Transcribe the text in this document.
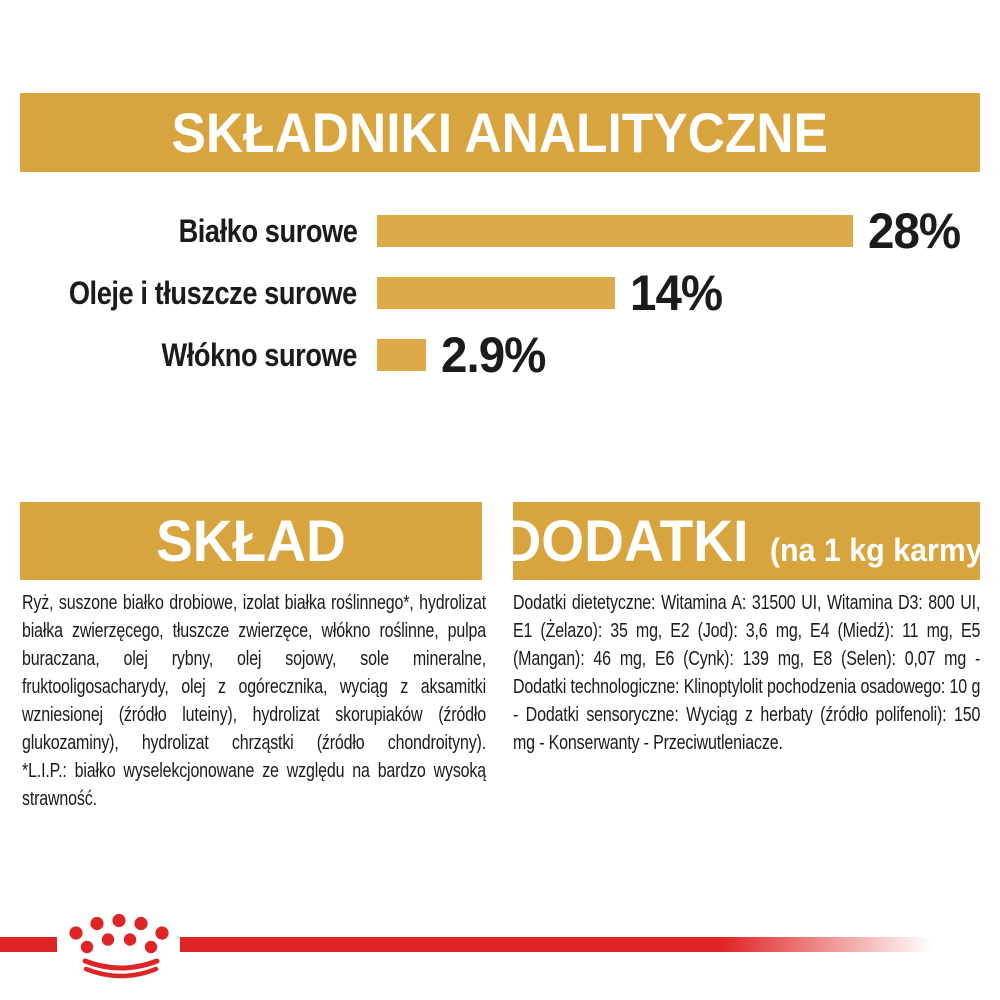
SKŁADNIKI ANALITYCZNE
Białko surowe	28%
Oleje i tłuszcze surowe	14%
Włókno surowe 2.9%
SKŁAD

Ryż, suszone białko drobiowe, izolat białka roślinnego*, hydrolizat białka zwierzęcego, tłuszcze zwierzęce, włókno roślinne, pulpa buraczana, olej rybny, olej sojowy, sole mineralne, fruktooligosacharydy, olej z ogórecznika, wyciąg z aksamitki wzniesionej (źródło luteiny), hydrolizat skorupiaków (źródło glukozaminy), hydrolizat chrząstki (źródło chondroityny).

*L.I.P.: białko wyselekcjonowane ze względu na bardzo wysoką strawność.

DODATKI (na 1 kg karmy)

Dodatki dietetyczne: Witamina A: 31500 UI, Witamina D3: 800 UI, E1 (Żelazo): 35 mg, E2 (Jod): 3,6 mg, E4 (Miedź): 11 mg, E5 (Mangan): 46 mg, E6 (Cynk): 139 mg, E8 (Selen): 0,07 mg - Dodatki technologiczne: Klinoptylolit pochodzenia osadowego: 10 g - Dodatki sensoryczne: Wyciąg z herbaty (źródło polifenoli): 150 mg - Konserwanty - Przeciwutleniacze.
